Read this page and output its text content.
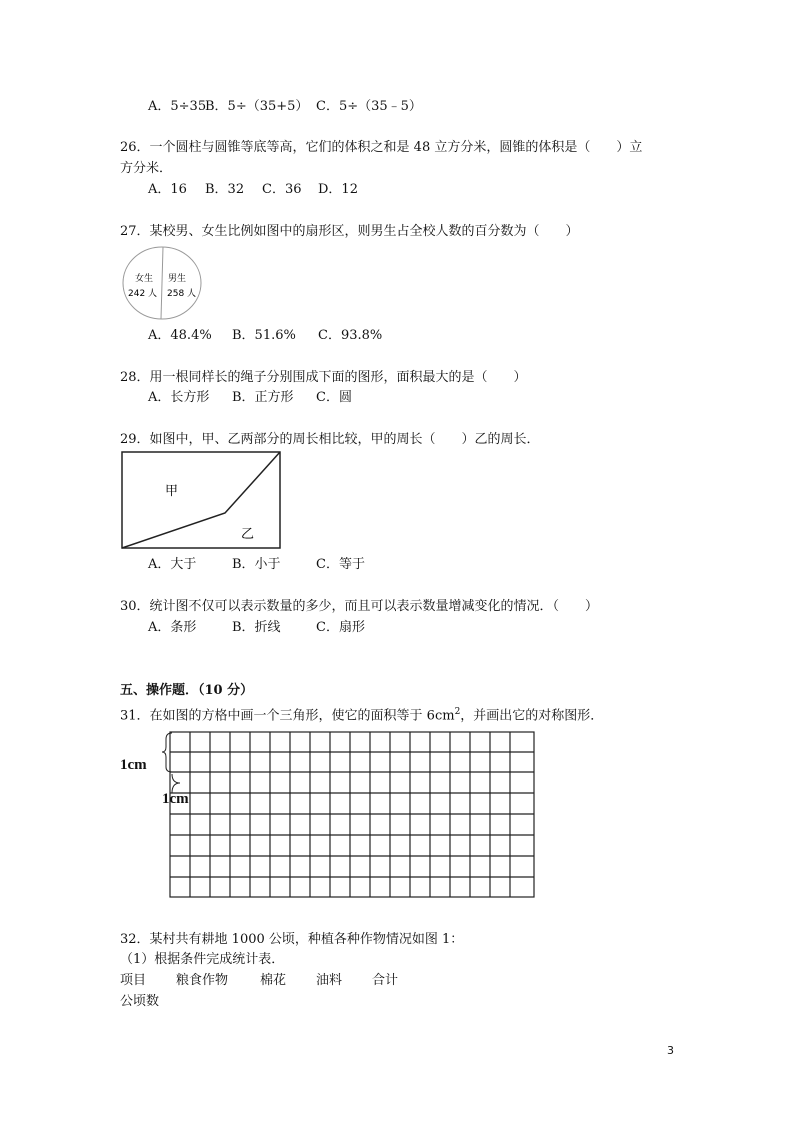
A．5÷35
B．5÷（35+5） C．5÷（35﹣5）
26．一个圆柱与圆锥等底等高，它们的体积之和是 48 立方分米，圆锥的体积是（　　）立
方分米．
A．16 B．32 C．36 D．12
27．某校男、女生比例如图中的扇形区，则男生占全校人数的百分数为（　　）
女生
242 人
男生
258 人
A．48.4% B．51.6% C．93.8%
28．用一根同样长的绳子分别围成下面的图形，面积最大的是（　　）
A．长方形 B．正方形 C．圆
29．如图中，甲、乙两部分的周长相比较，甲的周长（　　）乙的周长．
甲
乙
A．大于	B．小于	C．等于
30．统计图不仅可以表示数量的多少，而且可以表示数量增减变化的情况．（　　）
A．条形	B．折线	C．扇形
五、操作题．（10 分）
31．在如图的方格中画一个三角形，使它的面积等于 $6cm^2$，并画出它的对称图形．
1cm
1cm
32．某村共有耕地 1000 公顷，种植各种作物情况如图 1：
（1）根据条件完成统计表．
项目 粮食作物 棉花 油料 合计
公顷数
3
